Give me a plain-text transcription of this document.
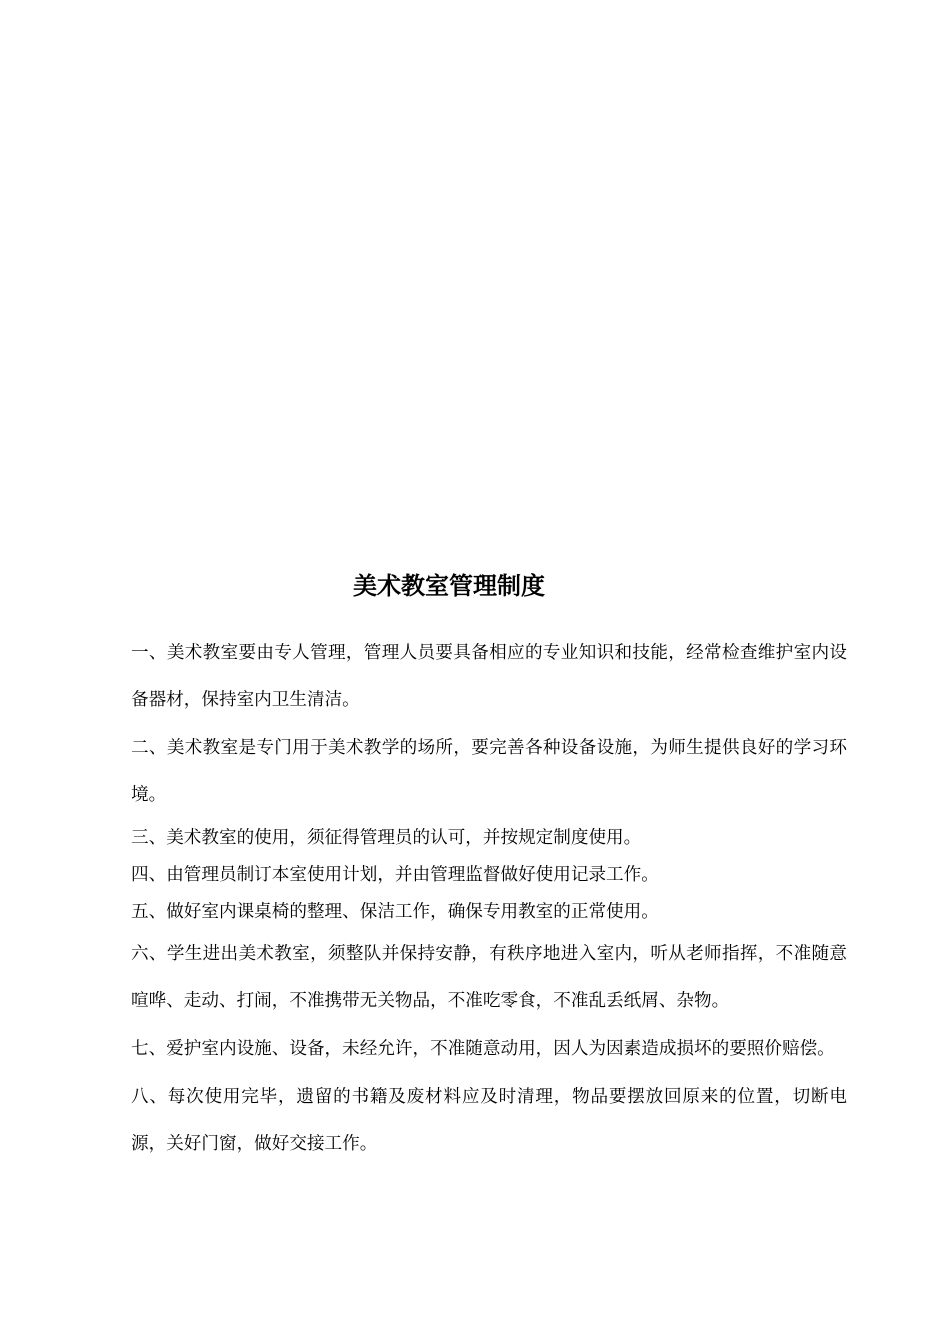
美术教室管理制度

一、美术教室要由专人管理，管理人员要具备相应的专业知识和技能，经常检查维护室内设备器材，保持室内卫生清洁。

二、美术教室是专门用于美术教学的场所，要完善各种设备设施，为师生提供良好的学习环境。

三、美术教室的使用，须征得管理员的认可，并按规定制度使用。

四、由管理员制订本室使用计划，并由管理监督做好使用记录工作。

五、做好室内课桌椅的整理、保洁工作，确保专用教室的正常使用。

六、学生进出美术教室，须整队并保持安静，有秩序地进入室内，听从老师指挥，不准随意喧哗、走动、打闹，不准携带无关物品，不准吃零食，不准乱丢纸屑、杂物。

七、爱护室内设施、设备，未经允许，不准随意动用，因人为因素造成损坏的要照价赔偿。

八、每次使用完毕，遗留的书籍及废材料应及时清理，物品要摆放回原来的位置，切断电源，关好门窗，做好交接工作。
